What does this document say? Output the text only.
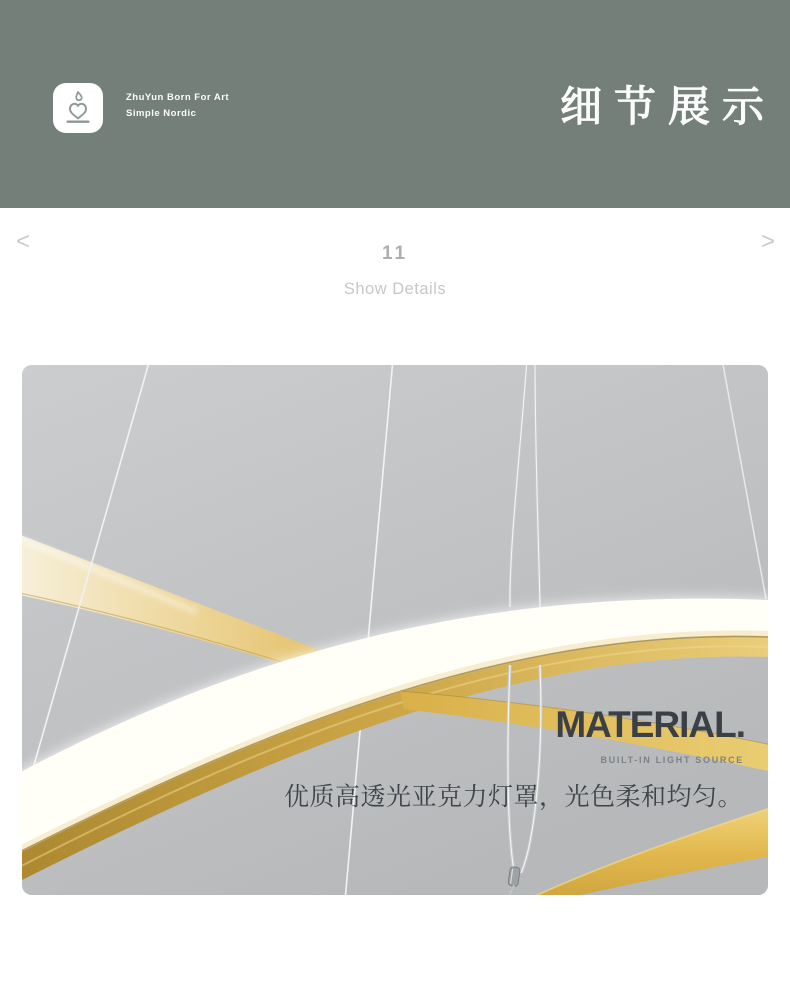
ZhuYun Born For Art
Simple Nordic	细节展示
<	>
11
Show Details
MATERIAL.
BUILT-IN LIGHT SOURCE
优质高透光亚克力灯罩，光色柔和均匀。
